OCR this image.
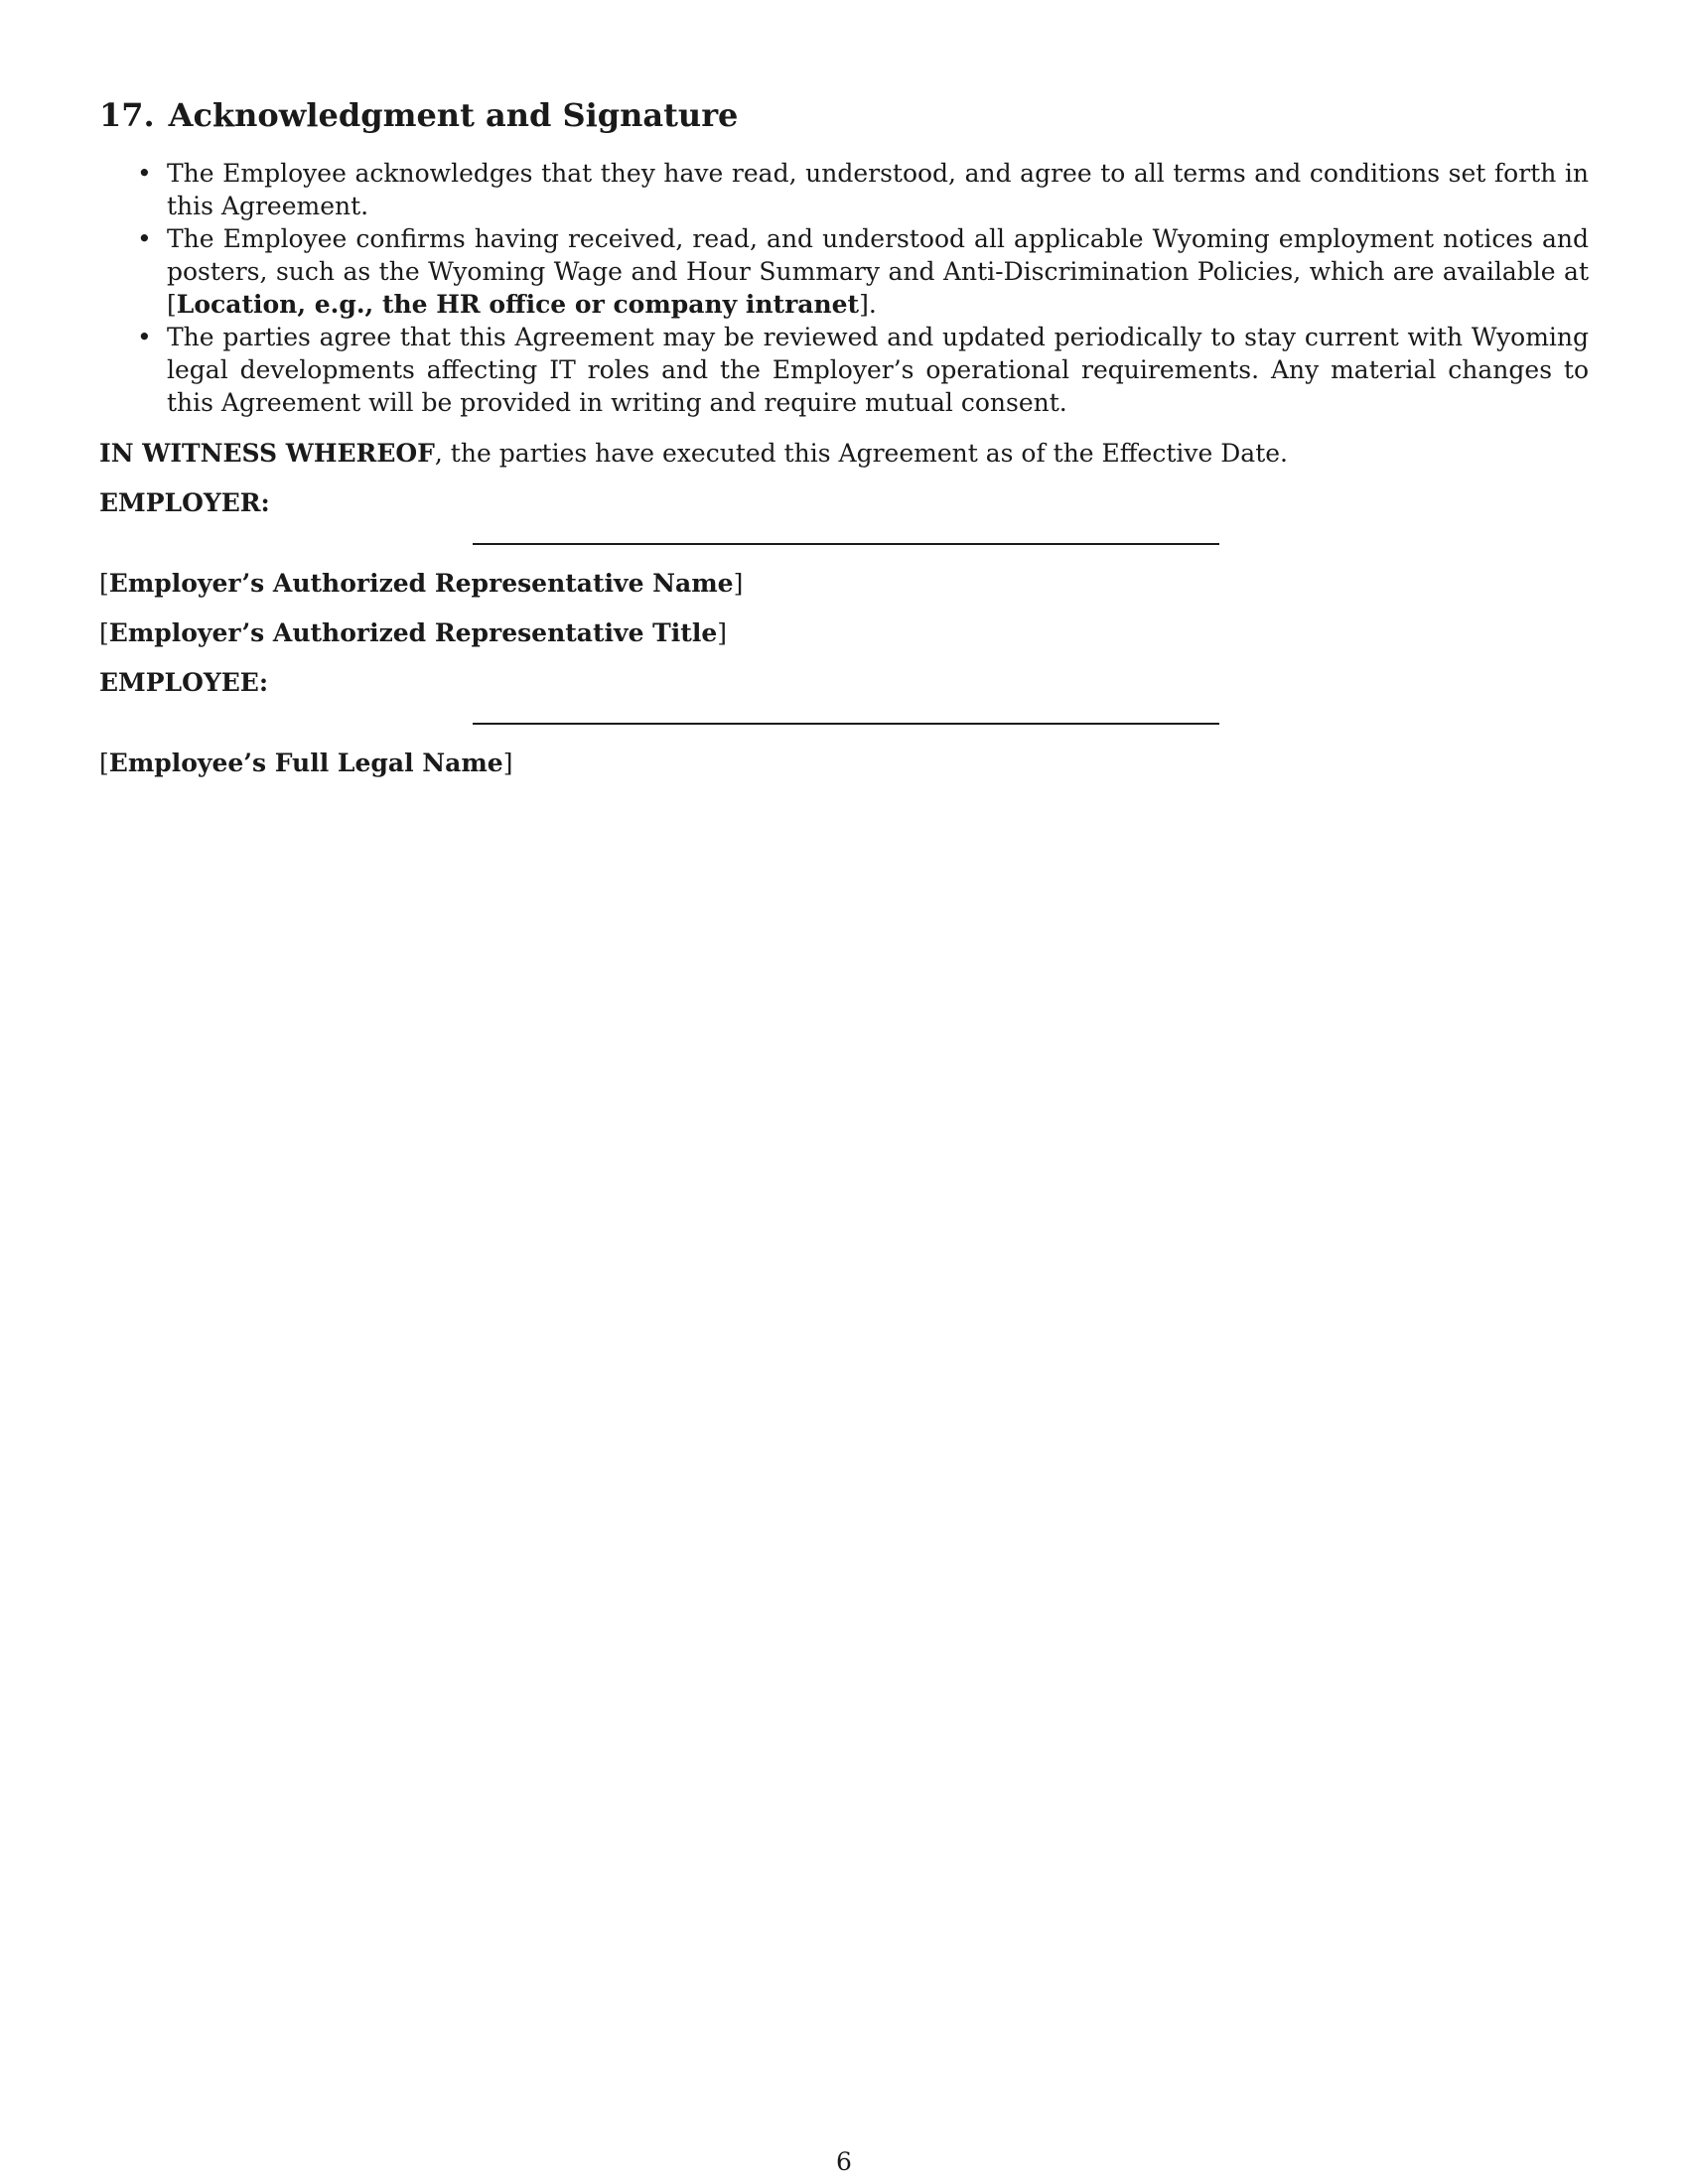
17. Acknowledgment and Signature
• The Employee acknowledges that they have read, understood, and agree to all terms and conditions set forth in this Agreement.
• The Employee confirms having received, read, and understood all applicable Wyoming employment notices and posters, such as the Wyoming Wage and Hour Summary and Anti-Discrimination Policies, which are available at [Location, e.g., the HR office or company intranet].
• The parties agree that this Agreement may be reviewed and updated periodically to stay current with Wyoming legal developments affecting IT roles and the Employer’s operational requirements. Any material changes to this Agreement will be provided in writing and require mutual consent.

IN WITNESS WHEREOF, the parties have executed this Agreement as of the Effective Date.

EMPLOYER:

[Employer’s Authorized Representative Name]

[Employer’s Authorized Representative Title]

EMPLOYEE:

[Employee’s Full Legal Name]

6
